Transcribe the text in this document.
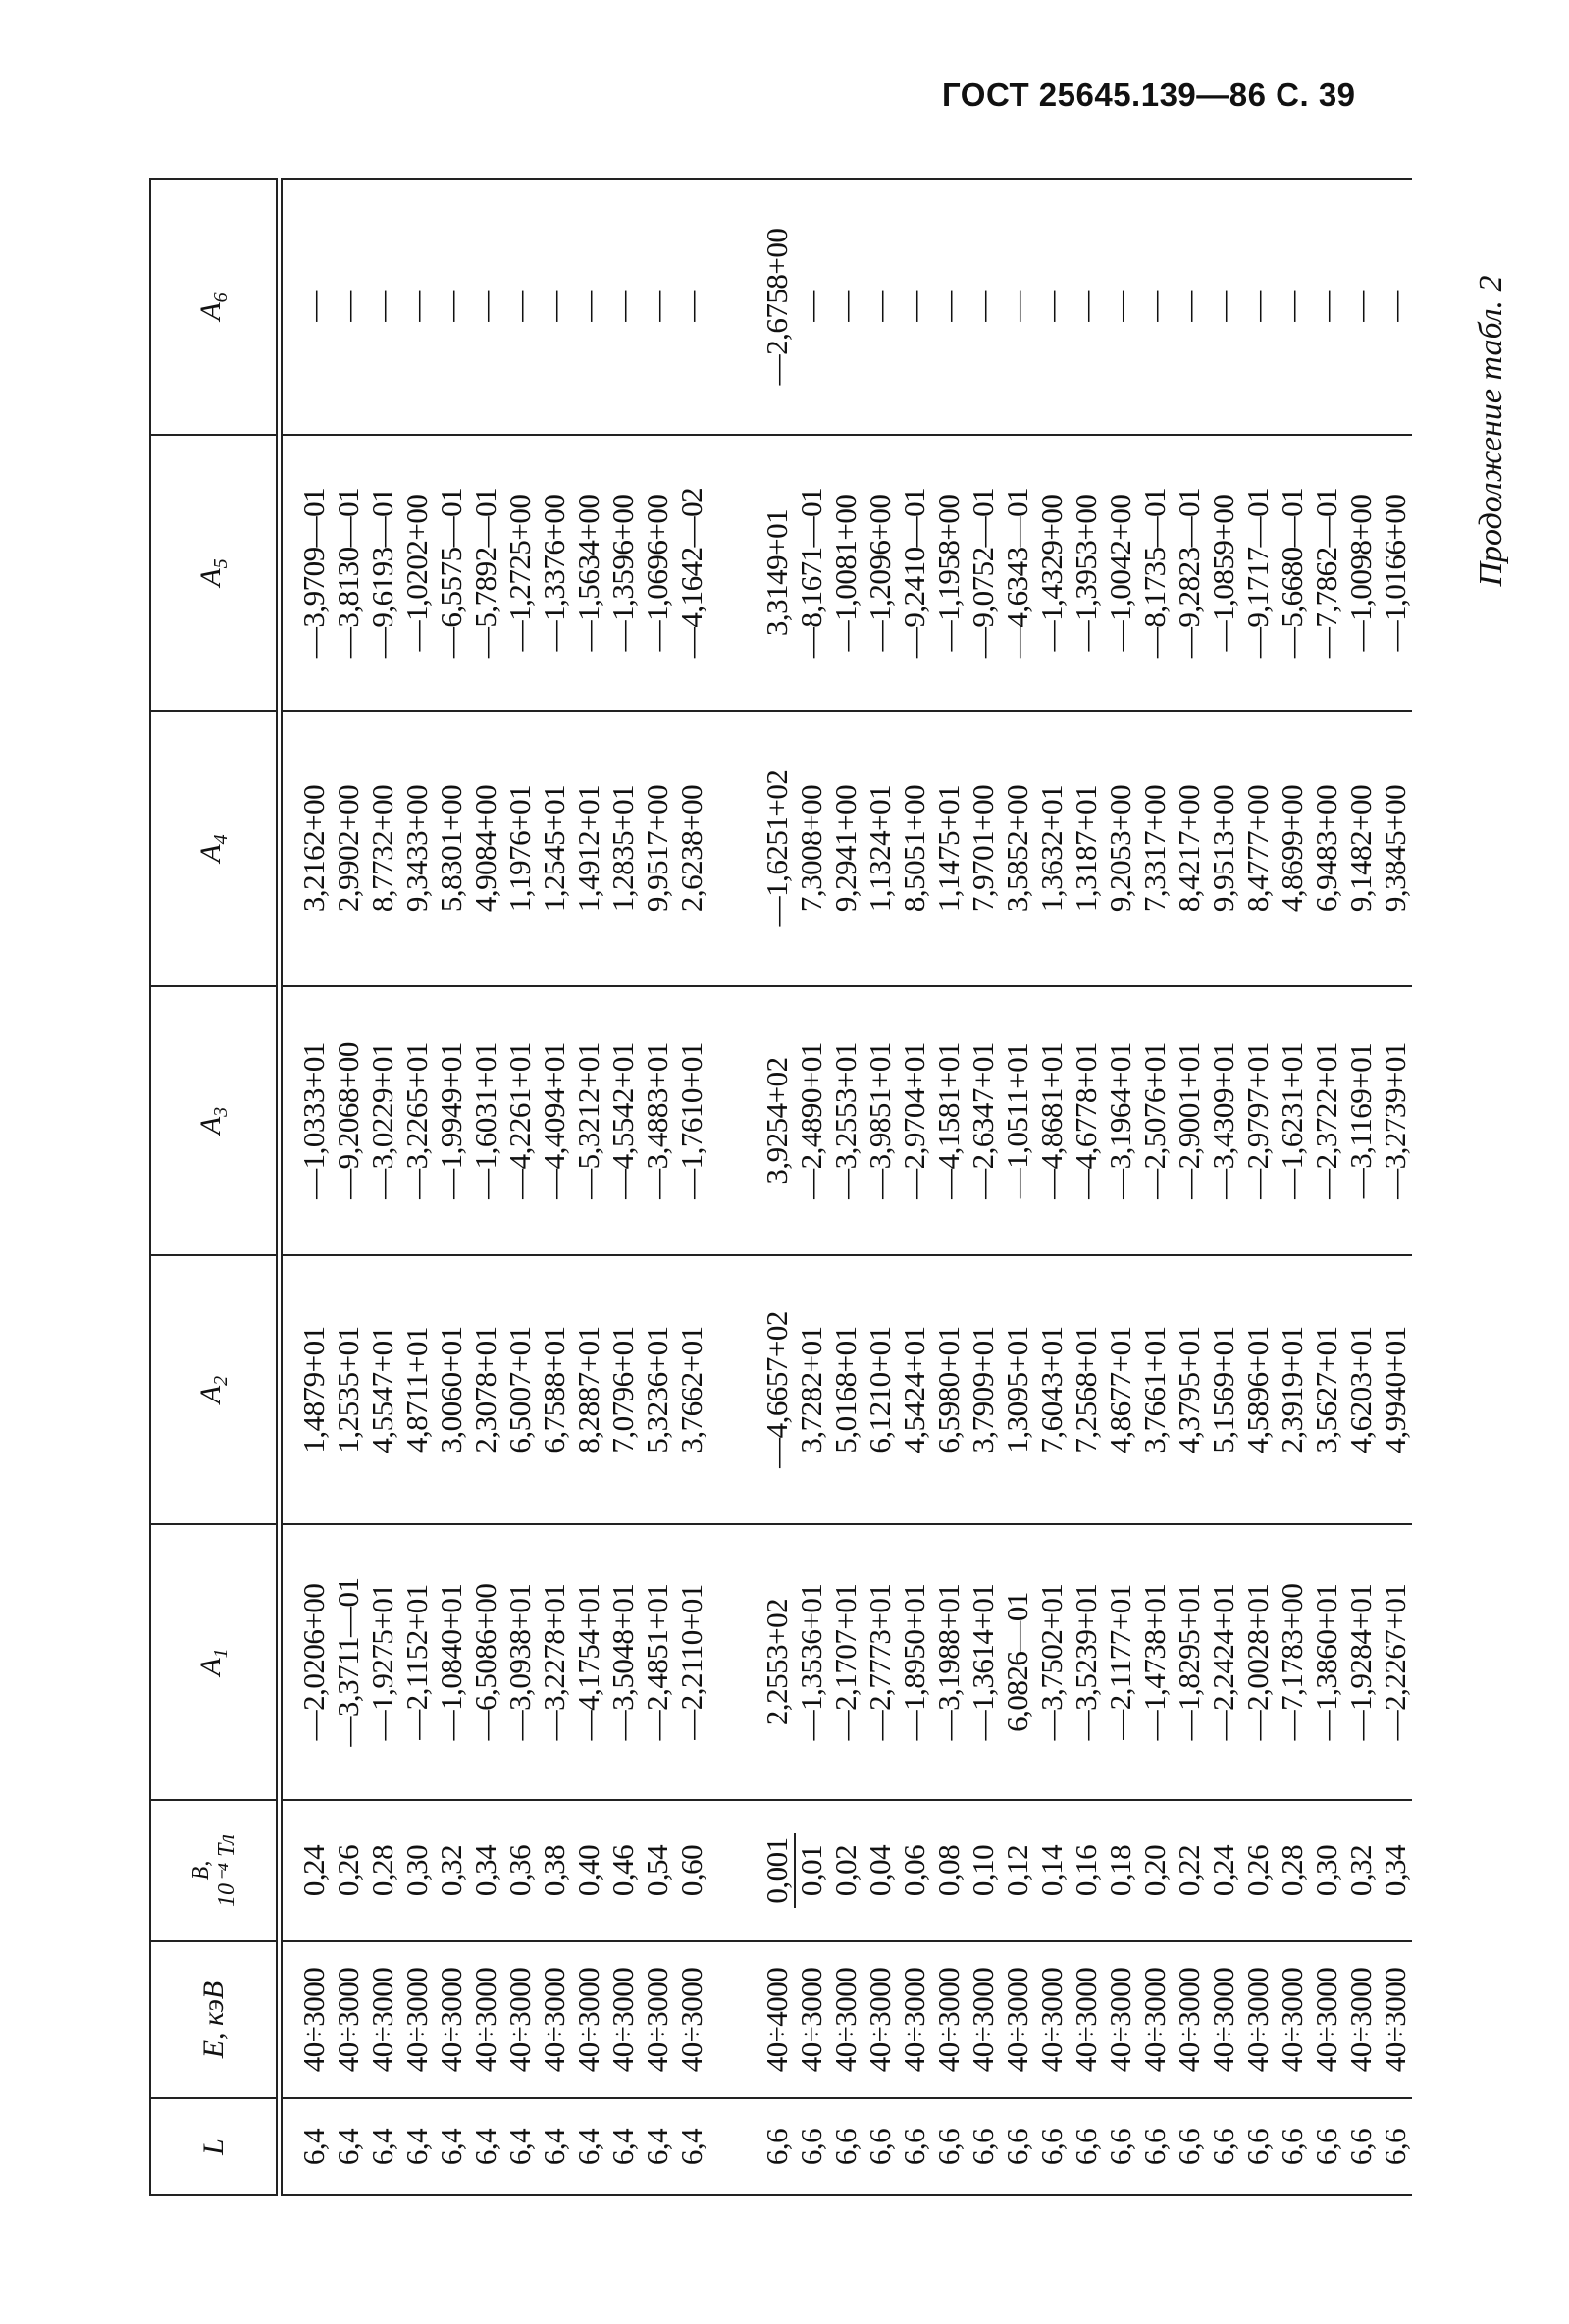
ГОСТ 25645.139—86 С. 39
Продолжение табл. 2
L	E, кэВ	B,
10⁻⁴ Тл	$A_1$	$A_2$	$A_3$	$A_4$	$A_5$	$A_6$
6,4	40÷3000	0,24	—2,0206+00	1,4879+01	—1,0333+01	3,2162+00	—3,9709—01	—
6,4	40÷3000	0,26	—3,3711—01	1,2535+01	—9,2068+00	2,9902+00	—3,8130—01	—
6,4	40÷3000	0,28	—1,9275+01	4,5547+01	—3,0229+01	8,7732+00	—9,6193—01	—
6,4	40÷3000	0,30	—2,1152+01	4,8711+01	—3,2265+01	9,3433+00	—1,0202+00	—
6,4	40÷3000	0,32	—1,0840+01	3,0060+01	—1,9949+01	5,8301+00	—6,5575—01	—
6,4	40÷3000	0,34	—6,5086+00	2,3078+01	—1,6031+01	4,9084+00	—5,7892—01	—
6,4	40÷3000	0,36	—3,0938+01	6,5007+01	—4,2261+01	1,1976+01	—1,2725+00	—
6,4	40÷3000	0,38	—3,2278+01	6,7588+01	—4,4094+01	1,2545+01	—1,3376+00	—
6,4	40÷3000	0,40	—4,1754+01	8,2887+01	—5,3212+01	1,4912+01	—1,5634+00	—
6,4	40÷3000	0,46	—3,5048+01	7,0796+01	—4,5542+01	1,2835+01	—1,3596+00	—
6,4	40÷3000	0,54	—2,4851+01	5,3236+01	—3,4883+01	9,9517+00	—1,0696+00	—
6,4	40÷3000	0,60	—2,2110+01	3,7662+01	—1,7610+01	2,6238+00	—4,1642—02	—

6,6	40÷4000	0,001	2,2553+02	—4,6657+02	3,9254+02	—1,6251+02	3,3149+01	—2,6758+00
6,6	40÷3000	0,01	—1,3536+01	3,7282+01	—2,4890+01	7,3008+00	—8,1671—01	—
6,6	40÷3000	0,02	—2,1707+01	5,0168+01	—3,2553+01	9,2941+00	—1,0081+00	—
6,6	40÷3000	0,04	—2,7773+01	6,1210+01	—3,9851+01	1,1324+01	—1,2096+00	—
6,6	40÷3000	0,06	—1,8950+01	4,5424+01	—2,9704+01	8,5051+00	—9,2410—01	—
6,6	40÷3000	0,08	—3,1988+01	6,5980+01	—4,1581+01	1,1475+01	—1,1958+00	—
6,6	40÷3000	0,10	—1,3614+01	3,7909+01	—2,6347+01	7,9701+00	—9,0752—01	—
6,6	40÷3000	0,12	6,0826—01	1,3095+01	—1,0511+01	3,5852+00	—4,6343—01	—
6,6	40÷3000	0,14	—3,7502+01	7,6043+01	—4,8681+01	1,3632+01	—1,4329+00	—
6,6	40÷3000	0,16	—3,5239+01	7,2568+01	—4,6778+01	1,3187+01	—1,3953+00	—
6,6	40÷3000	0,18	—2,1177+01	4,8677+01	—3,1964+01	9,2053+00	—1,0042+00	—
6,6	40÷3000	0,20	—1,4738+01	3,7661+01	—2,5076+01	7,3317+00	—8,1735—01	—
6,6	40÷3000	0,22	—1,8295+01	4,3795+01	—2,9001+01	8,4217+00	—9,2823—01	—
6,6	40÷3000	0,24	—2,2424+01	5,1569+01	—3,4309+01	9,9513+00	—1,0859+00	—
6,6	40÷3000	0,26	—2,0028+01	4,5896+01	—2,9797+01	8,4777+00	—9,1717—01	—
6,6	40÷3000	0,28	—7,1783+00	2,3919+01	—1,6231+01	4,8699+00	—5,6680—01	—
6,6	40÷3000	0,30	—1,3860+01	3,5627+01	—2,3722+01	6,9483+00	—7,7862—01	—
6,6	40÷3000	0,32	—1,9284+01	4,6203+01	—3,1169+01	9,1482+00	—1,0098+00	—
6,6	40÷3000	0,34	—2,2267+01	4,9940+01	—3,2739+01	9,3845+00	—1,0166+00	—
